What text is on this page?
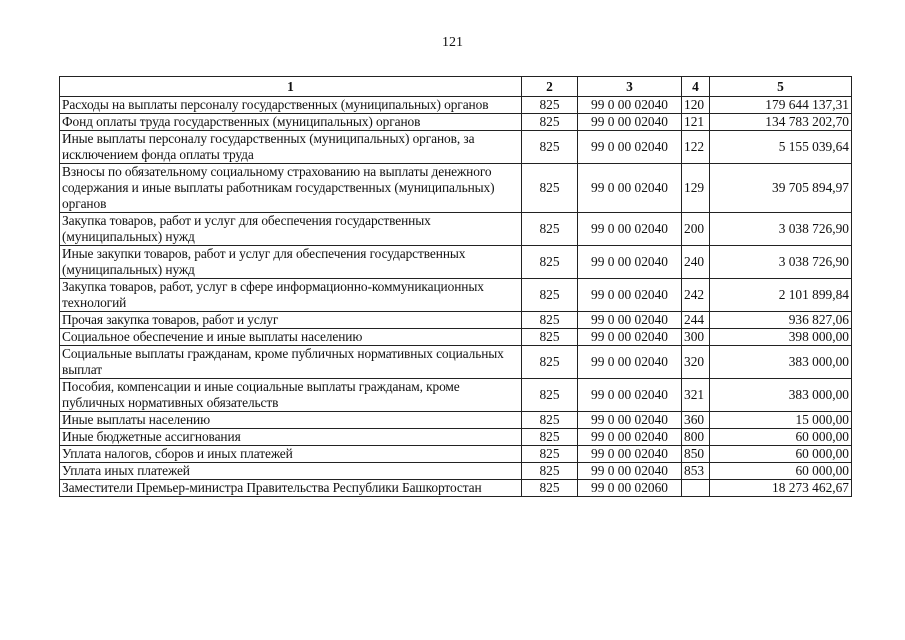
121
1	2	3	4	5
Расходы на выплаты персоналу государственных (муниципальных) органов	825	99 0 00 02040	120	179 644 137,31
Фонд оплаты труда государственных (муниципальных) органов	825	99 0 00 02040	121	134 783 202,70
Иные выплаты персоналу государственных (муниципальных) органов, за исключением фонда оплаты труда	825	99 0 00 02040	122	5 155 039,64
Взносы по обязательному социальному страхованию на выплаты денежного содержания и иные выплаты работникам государственных (муниципальных) органов	825	99 0 00 02040	129	39 705 894,97
Закупка товаров, работ и услуг для обеспечения государственных (муниципальных) нужд	825	99 0 00 02040	200	3 038 726,90
Иные закупки товаров, работ и услуг для обеспечения государственных (муниципальных) нужд	825	99 0 00 02040	240	3 038 726,90
Закупка товаров, работ, услуг в сфере информационно-коммуникационных технологий	825	99 0 00 02040	242	2 101 899,84
Прочая закупка товаров, работ и услуг	825	99 0 00 02040	244	936 827,06
Социальное обеспечение и иные выплаты населению	825	99 0 00 02040	300	398 000,00
Социальные выплаты гражданам, кроме публичных нормативных социальных выплат	825	99 0 00 02040	320	383 000,00
Пособия, компенсации и иные социальные выплаты гражданам, кроме публичных нормативных обязательств	825	99 0 00 02040	321	383 000,00
Иные выплаты населению	825	99 0 00 02040	360	15 000,00
Иные бюджетные ассигнования	825	99 0 00 02040	800	60 000,00
Уплата налогов, сборов и иных платежей	825	99 0 00 02040	850	60 000,00
Уплата иных платежей	825	99 0 00 02040	853	60 000,00
Заместители Премьер-министра Правительства Республики Башкортостан	825	99 0 00 02060		18 273 462,67
